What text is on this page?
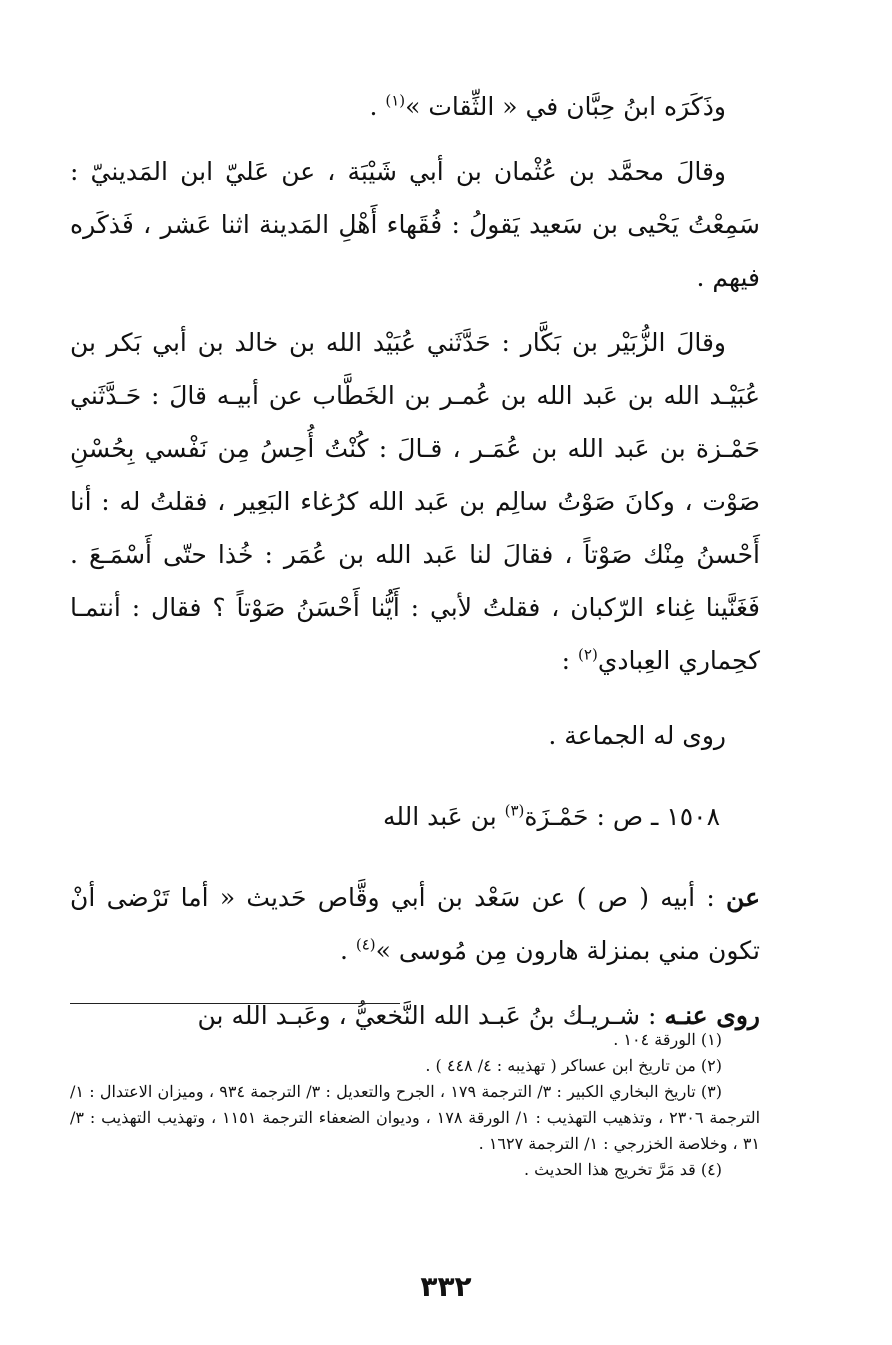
وذَكَرَه ابنُ حِبَّان في « الثِّقات »$^{(١)}$ .

وقالَ محمَّد بن عُثْمان بن أبي شَيْبَة ، عن عَليّ ابن المَدينيّ : سَمِعْتُ يَحْيى بن سَعيد يَقولُ : فُقَهاء أَهْلِ المَدينة اثنا عَشر ، فَذكَره فيهم .

وقالَ الزُّبَيْر بن بَكَّار : حَدَّثَني عُبَيْد الله بن خالد بن أبي بَكر بن عُبَيْـد الله بن عَبد الله بن عُمـر بن الخَطَّاب عن أبيـه قالَ : حَـدَّثَني حَمْـزة بن عَبد الله بن عُمَـر ، قـالَ : كُنْتُ أُحِسُ مِن نَفْسي بِحُسْنِ صَوْت ، وكانَ صَوْتُ سالِم بن عَبد الله كرُغاء البَعِير ، فقلتُ له : أنا أَحْسنُ مِنْك صَوْتاً ، فقالَ لنا عَبد الله بن عُمَر : خُذا حتّى أَسْمَـعَ . فَغَنَّينا غِناء الرّكبان ، فقلتُ لأبي : أَيُّنا أَحْسَنُ صَوْتاً ؟ فقال : أنتمـا كحِماري العِبادي$^{(٢)}$ :

روى له الجماعة .

١٥٠٨ ـ ص : حَمْـزَة$^{(٣)}$ بن عَبد الله

عن : أبيه ( ص ) عن سَعْد بن أبي وقَّاص حَديث « أما تَرْضى أنْ تكون مني بمنزلة هارون مِن مُوسى »$^{(٤)}$ .

روى عنـه : شـريـك بنُ عَبـد الله النَّخعيُّ ، وعَبـد الله بن

(١) الورقة ١٠٤ .

(٢) من تاريخ ابن عساكر ( تهذيبه : ٤/ ٤٤٨ ) .

(٣) تاريخ البخاري الكبير : ٣/ الترجمة ١٧٩ ، الجرح والتعديل : ٣/ الترجمة ٩٣٤ ، وميزان الاعتدال : ١/ الترجمة ٢٣٠٦ ، وتذهيب التهذيب : ١/ الورقة ١٧٨ ، وديوان الضعفاء الترجمة ١١٥١ ، وتهذيب التهذيب : ٣/ ٣١ ، وخلاصة الخزرجي : ١/ الترجمة ١٦٢٧ .

(٤) قد مَرَّ تخريج هذا الحديث .

٣٣٢
